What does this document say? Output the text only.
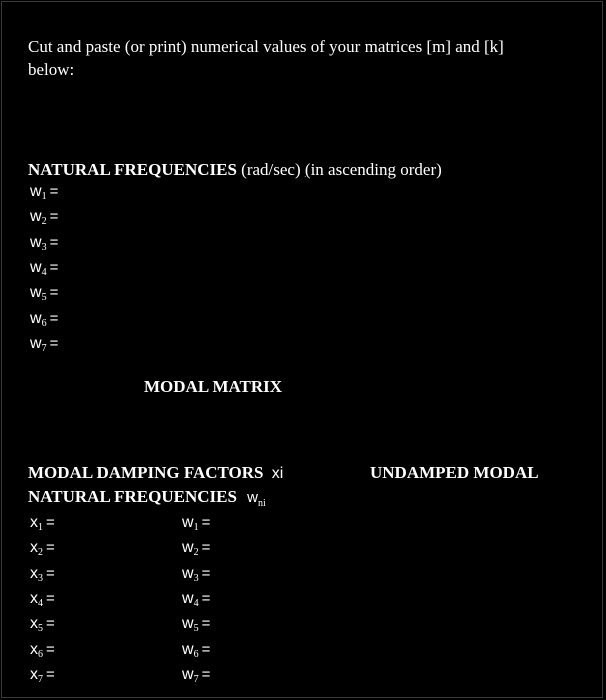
Cut and paste (or print) numerical values of your matrices [m] and [k]
below:
NATURAL FREQUENCIES (rad/sec) (in ascending order)
$w_1$ =
$w_2$ =
$w_3$ =
$w_4$ =
$w_5$ =
$w_6$ =
$w_7$ =
MODAL MATRIX
MODAL DAMPING FACTORS xi	UNDAMPED MODAL
NATURAL FREQUENCIES $w_{ni}$
$x_1$ =
$x_2$ =
$x_3$ =
$x_4$ =
$x_5$ =
$x_6$ =
$x_7$ =
$w_1$ =
$w_2$ =
$w_3$ =
$w_4$ =
$w_5$ =
$w_6$ =
$w_7$ =
